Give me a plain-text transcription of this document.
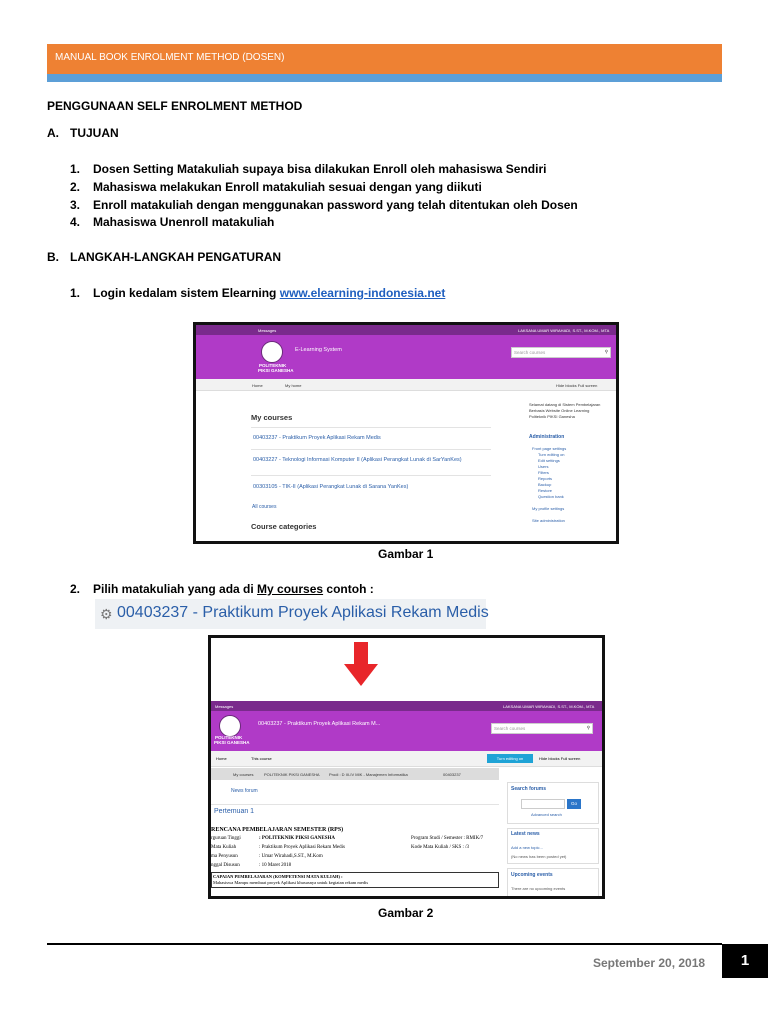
MANUAL BOOK ENROLMENT METHOD (DOSEN)
PENGGUNAAN SELF ENROLMENT METHOD
A. TUJUAN
1. Dosen Setting Matakuliah supaya bisa dilakukan Enroll oleh mahasiswa Sendiri
2. Mahasiswa melakukan Enroll matakuliah sesuai dengan yang diikuti
3. Enroll matakuliah dengan menggunakan password yang telah ditentukan oleh Dosen
4. Mahasiswa Unenroll matakuliah
B. LANGKAH-LANGKAH PENGATURAN
1. Login kedalam sistem Elearning www.elearning-indonesia.net
Messages	LAKSANA UMAR WIRAHADI, S.ST., M.KOM., MTA
POLITEKNIK
PIKSI GANESHA
E-Learning System	Search courses	⚲
Home	My home	Hide blocks Full screen
My courses
00403237 - Praktikum Proyek Aplikasi Rekam Medis
00403227 - Teknologi Informasi Komputer II (Aplikasi Perangkat Lunak di SarYanKes)
00303105 - TIK-II (Aplikasi Perangkat Lunak di Sarana YanKes)
All courses
Course categories
Selamat datang di Sistem Pembelajaran
Berbasis Website Online Learning
Politeknik PIKSI Ganesha
Administration
Front page settings
Turn editing on
Edit settings
Users
Filters
Reports
Backup
Restore
Question bank
My profile settings
Site administration
Gambar 1
2. Pilih matakuliah yang ada di My courses contoh :
⚙ 00403237 - Praktikum Proyek Aplikasi Rekam Medis
Messages	LAKSANA UMAR WIRAHADI, S.ST., M.KOM., MTA
POLITEKNIK
PIKSI GANESHA
00403237 - Praktikum Proyek Aplikasi Rekam M...
Search courses	⚲
Home	This course	Hide blocks Full screen
Turn editing on
My courses	POLITEKNIK PIKSI GANESHA Prodi : D III-IV MIK - Manajemen Informatika	00403237
News forum
Pertemuan 1
RENCANA PEMBELAJARAN SEMESTER (RPS)
rguruan Tinggi	: POLITEKNIK PIKSI GANESHA	Program Studi / Semester : RMIK/7
Mata Kuliah	: Praktikum Proyek Aplikasi Rekam Medis	Kode Mata Kuliah / SKS : /3
ma Penyusun	: Umar Wirahadi,S.ST., M.Kom
nggal Disusun	: 10 Maret 2018
CAPAIAN PEMBELAJARAN (KOMPETENSI MATA KULIAH) :
Mahasiswa Mampu membuat proyek Aplikasi khususnya untuk kegiatan rekam medis
Search forums
Go
Advanced search
Latest news
Add a new topic...
(No news has been posted yet)
Upcoming events
There are no upcoming events
Gambar 2
September 20, 2018	1
